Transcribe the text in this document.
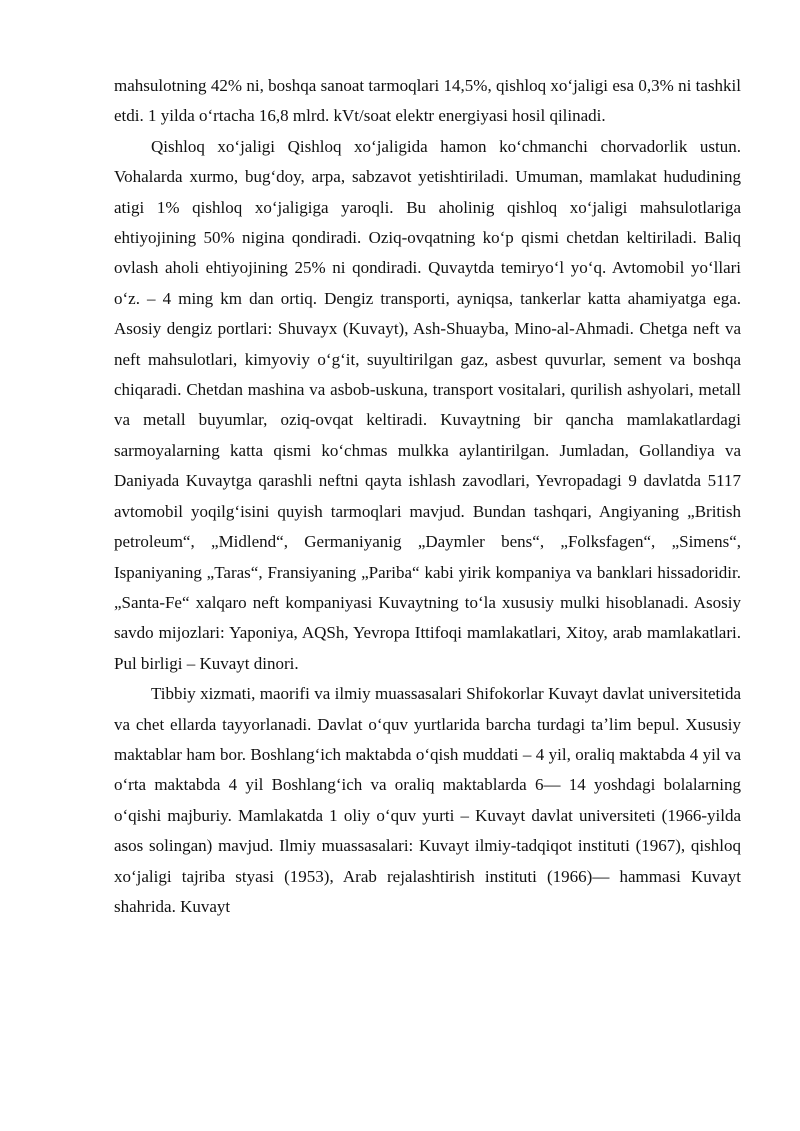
mahsulotning 42% ni, boshqa sanoat tarmoqlari 14,5%, qishloq xoʻjaligi esa 0,3% ni tashkil etdi. 1 yilda oʻrtacha 16,8 mlrd. kVt/soat elektr energiyasi hosil qilinadi.

Qishloq xoʻjaligi Qishloq xoʻjaligida hamon koʻchmanchi chorvadorlik ustun. Vohalarda xurmo, bugʻdoy, arpa, sabzavot yetishtiriladi. Umuman, mamlakat hududining atigi 1% qishloq xoʻjaligiga yaroqli. Bu aholinig qishloq xoʻjaligi mahsulotlariga ehtiyojining 50% nigina qondiradi. Oziq-ovqatning koʻp qismi chetdan keltiriladi. Baliq ovlash aholi ehtiyojining 25% ni qondiradi. Quvaytda temiryoʻl yoʻq. Avtomobil yoʻllari oʻz. – 4 ming km dan ortiq. Dengiz transporti, ayniqsa, tankerlar katta ahamiyatga ega. Asosiy dengiz portlari: Shuvayx (Kuvayt), Ash-Shuayba, Mino-al-Ahmadi. Chetga neft va neft mahsulotlari, kimyoviy oʻgʻit, suyultirilgan gaz, asbest quvurlar, sement va boshqa chiqaradi. Chetdan mashina va asbob-uskuna, transport vositalari, qurilish ashyolari, metall va metall buyumlar, oziq-ovqat keltiradi. Kuvaytning bir qancha mamlakatlardagi sarmoyalarning katta qismi koʻchmas mulkka aylantirilgan. Jumladan, Gollandiya va Daniyada Kuvaytga qarashli neftni qayta ishlash zavodlari, Yevropadagi 9 davlatda 5117 avtomobil yoqilgʻisini quyish tarmoqlari mavjud. Bundan tashqari, Angiyaning „British petroleum“, „Midlend“, Germaniyanig „Daymler bens“, „Folksfagen“, „Simens“, Ispaniyaning „Taras“, Fransiyaning „Pariba“ kabi yirik kompaniya va banklari hissadoridir. „Santa-Fe“ xalqaro neft kompaniyasi Kuvaytning toʻla xususiy mulki hisoblanadi. Asosiy savdo mijozlari: Yaponiya, AQSh, Yevropa Ittifoqi mamlakatlari, Xitoy, arab mamlakatlari. Pul birligi – Kuvayt dinori.

Tibbiy xizmati, maorifi va ilmiy muassasalari Shifokorlar Kuvayt davlat universitetida va chet ellarda tayyorlanadi. Davlat oʻquv yurtlarida barcha turdagi taʼlim bepul. Xususiy maktablar ham bor. Boshlangʻich maktabda oʻqish muddati – 4 yil, oraliq maktabda 4 yil va oʻrta maktabda 4 yil Boshlangʻich va oraliq maktablarda 6— 14 yoshdagi bolalarning oʻqishi majburiy. Mamlakatda 1 oliy oʻquv yurti – Kuvayt davlat universiteti (1966-yilda asos solingan) mavjud. Ilmiy muassasalari: Kuvayt ilmiy-tadqiqot instituti (1967), qishloq xoʻjaligi tajriba styasi (1953), Arab rejalashtirish instituti (1966)— hammasi Kuvayt shahrida. Kuvayt
